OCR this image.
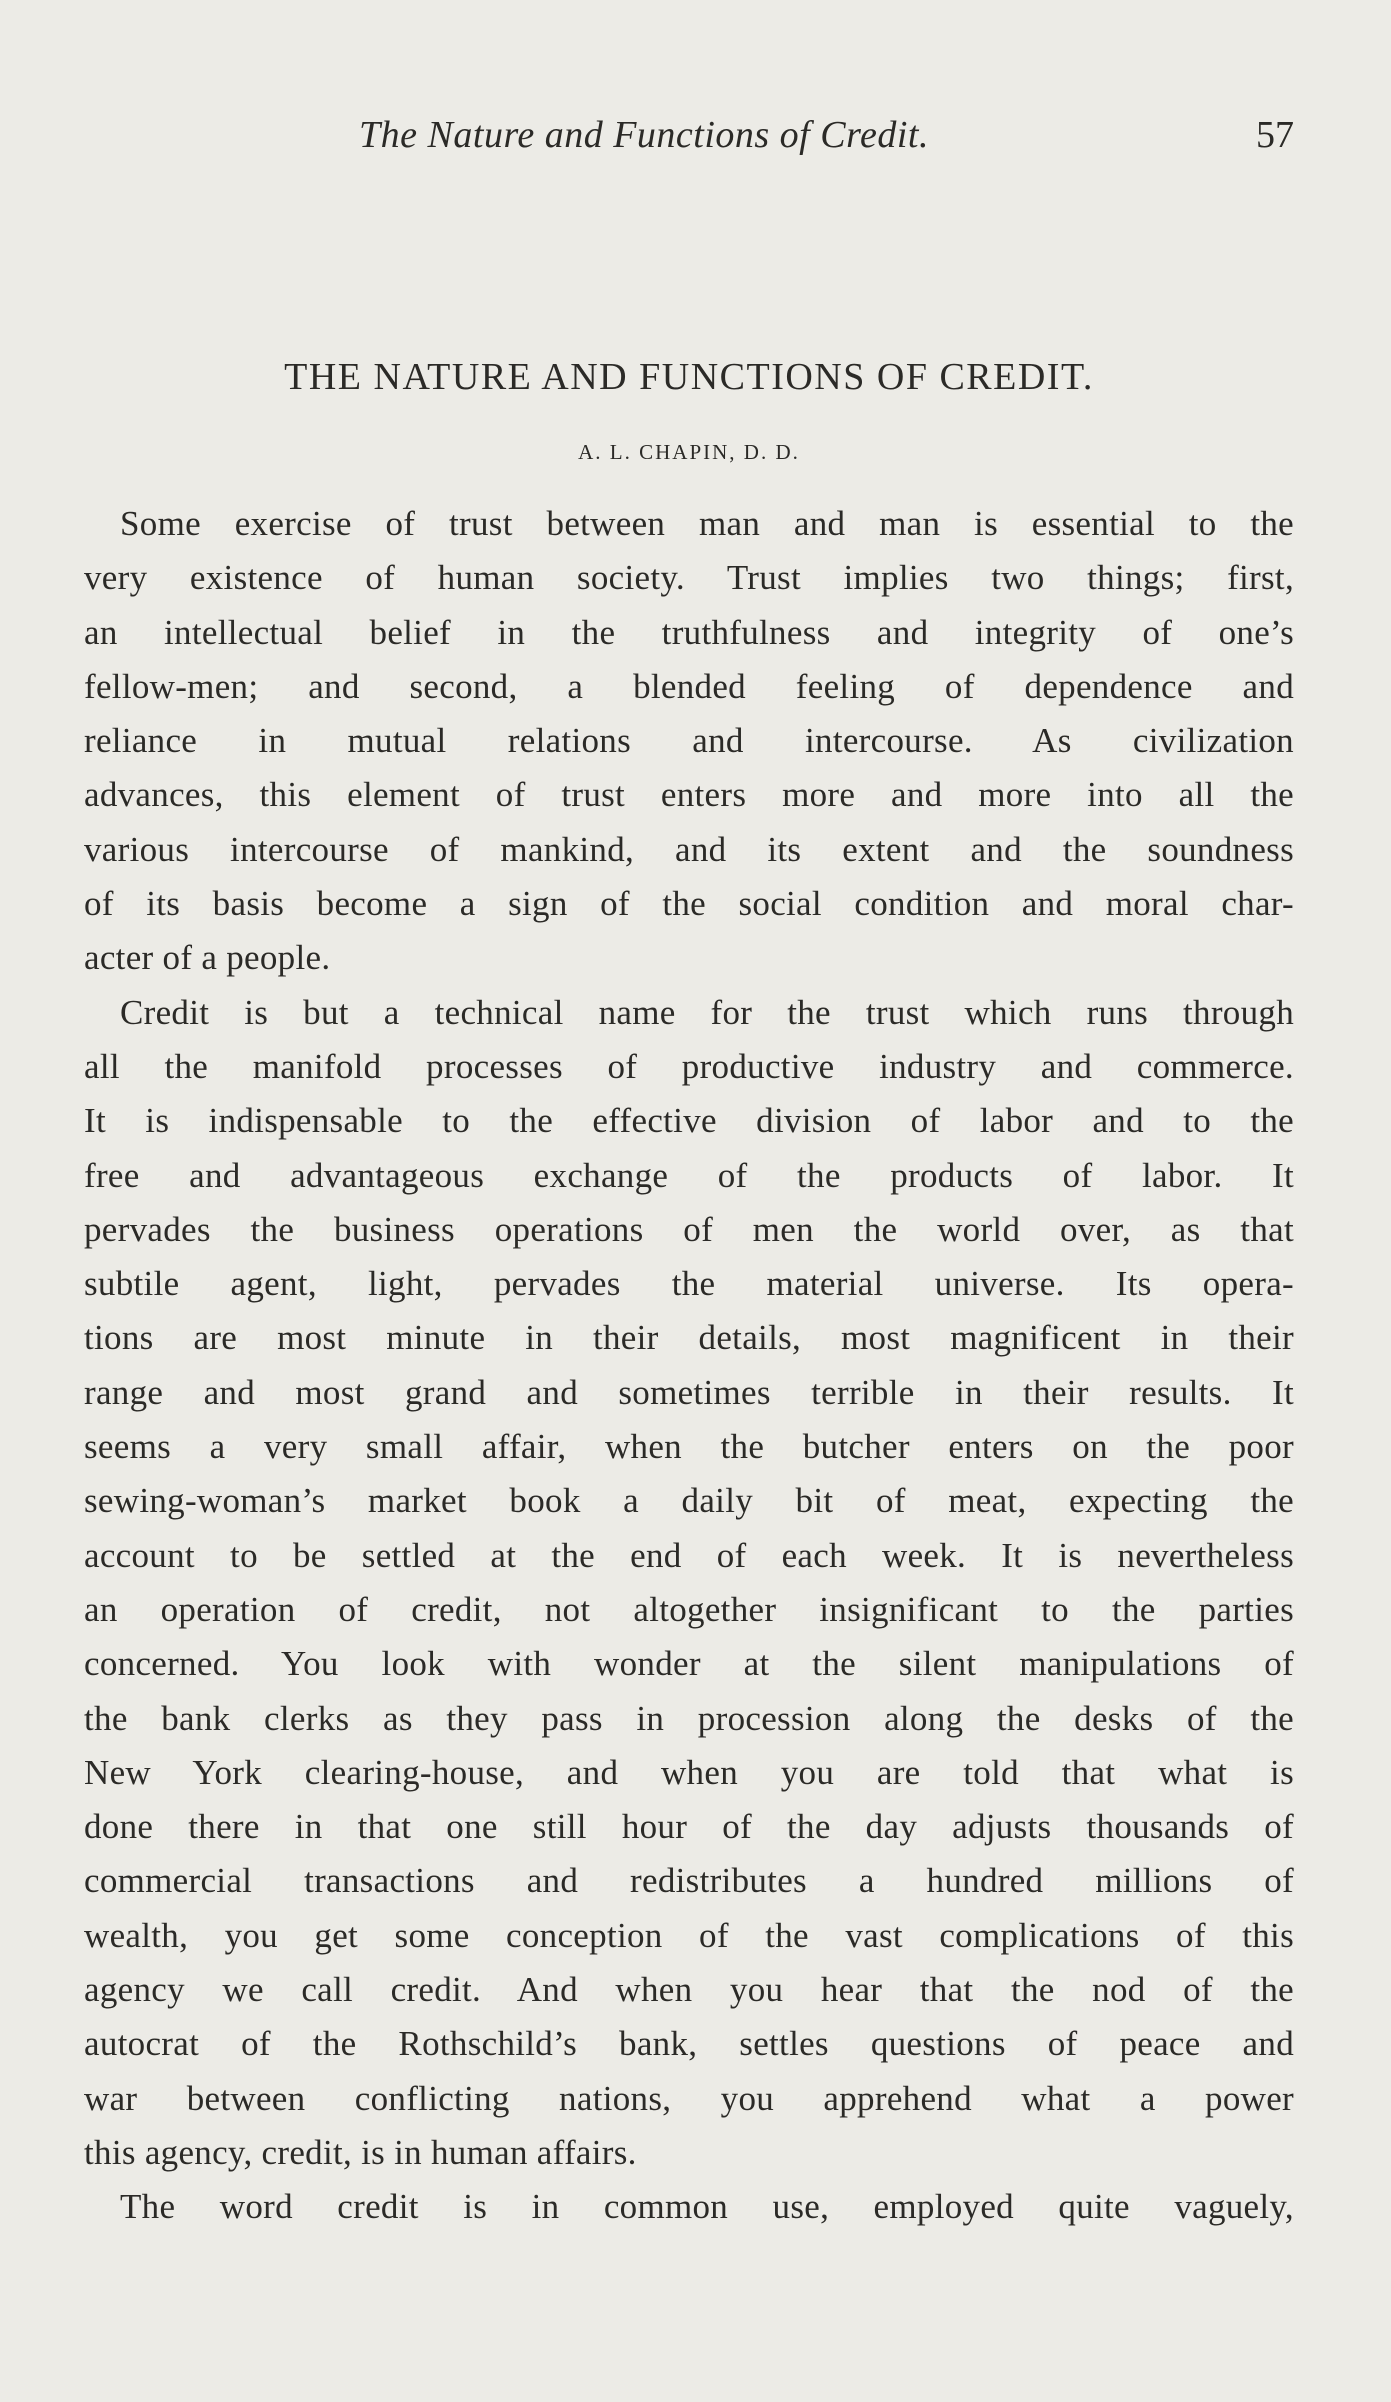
The Nature and Functions of Credit.	57
THE NATURE AND FUNCTIONS OF CREDIT.
A. L. CHAPIN, D. D.
Some exercise of trust between man and man is essential to the
very existence of human society. Trust implies two things; first,
an intellectual belief in the truthfulness and integrity of one’s
fellow-men; and second, a blended feeling of dependence and
reliance in mutual relations and intercourse. As civilization
advances, this element of trust enters more and more into all the
various intercourse of mankind, and its extent and the soundness
of its basis become a sign of the social condition and moral char-
acter of a people.
Credit is but a technical name for the trust which runs through
all the manifold processes of productive industry and commerce.
It is indispensable to the effective division of labor and to the
free and advantageous exchange of the products of labor. It
pervades the business operations of men the world over, as that
subtile agent, light, pervades the material universe. Its opera-
tions are most minute in their details, most magnificent in their
range and most grand and sometimes terrible in their results. It
seems a very small affair, when the butcher enters on the poor
sewing-woman’s market book a daily bit of meat, expecting the
account to be settled at the end of each week. It is nevertheless
an operation of credit, not altogether insignificant to the parties
concerned. You look with wonder at the silent manipulations of
the bank clerks as they pass in procession along the desks of the
New York clearing-house, and when you are told that what is
done there in that one still hour of the day adjusts thousands of
commercial transactions and redistributes a hundred millions of
wealth, you get some conception of the vast complications of this
agency we call credit. And when you hear that the nod of the
autocrat of the Rothschild’s bank, settles questions of peace and
war between conflicting nations, you apprehend what a power
this agency, credit, is in human affairs.
The word credit is in common use, employed quite vaguely,
